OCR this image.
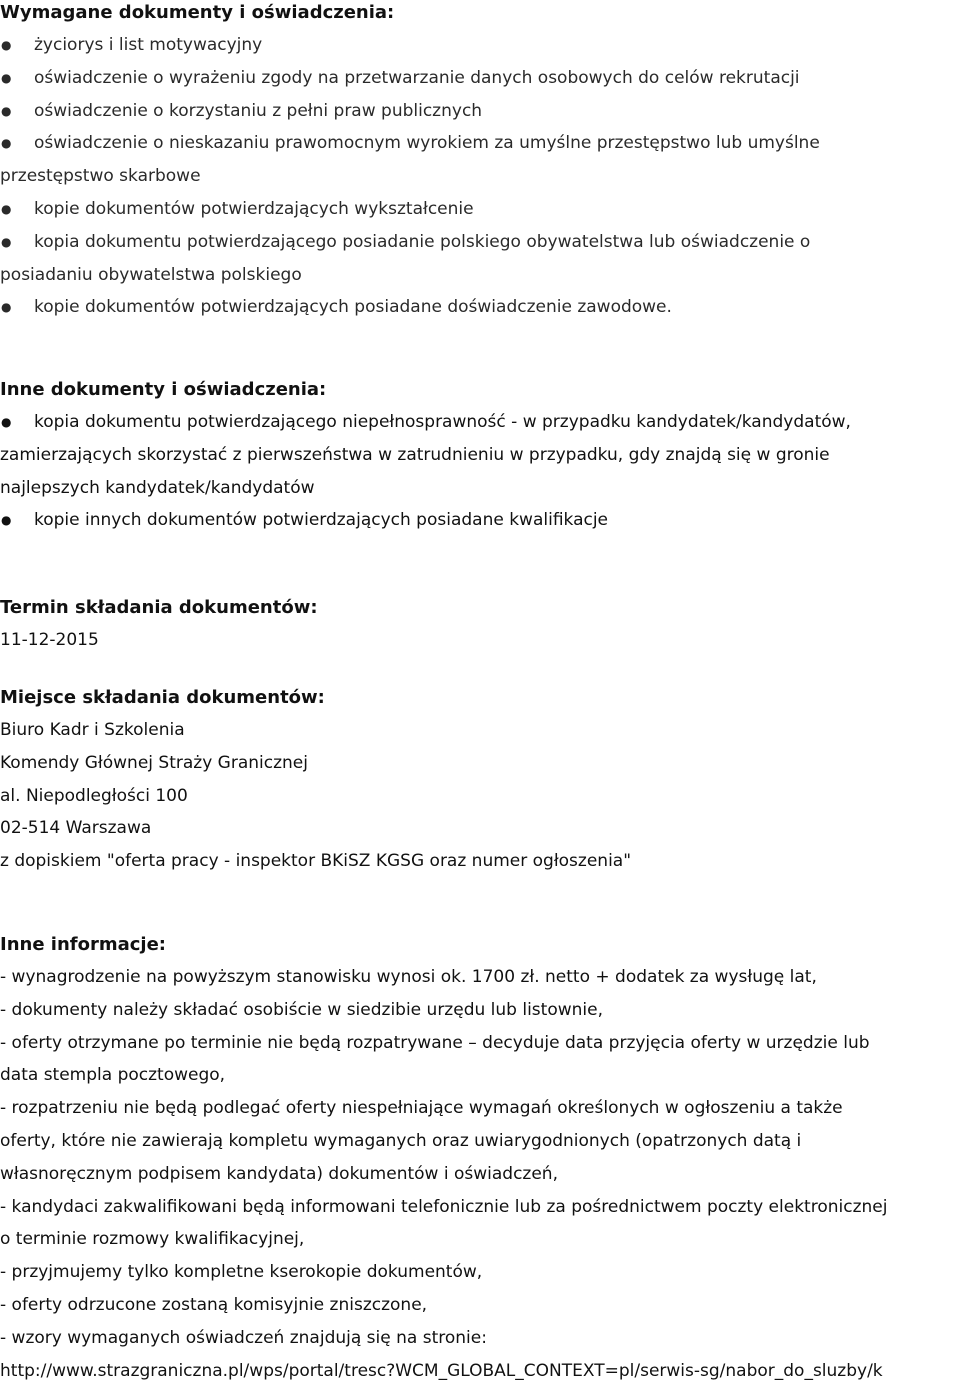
Wymagane dokumenty i oświadczenia:
● życiorys i list motywacyjny
● oświadczenie o wyrażeniu zgody na przetwarzanie danych osobowych do celów rekrutacji
● oświadczenie o korzystaniu z pełni praw publicznych
● oświadczenie o nieskazaniu prawomocnym wyrokiem za umyślne przestępstwo lub umyślne
przestępstwo skarbowe
● kopie dokumentów potwierdzających wykształcenie
● kopia dokumentu potwierdzającego posiadanie polskiego obywatelstwa lub oświadczenie o
posiadaniu obywatelstwa polskiego
● kopie dokumentów potwierdzających posiadane doświadczenie zawodowe.
Inne dokumenty i oświadczenia:
● kopia dokumentu potwierdzającego niepełnosprawność - w przypadku kandydatek/kandydatów,
zamierzających skorzystać z pierwszeństwa w zatrudnieniu w przypadku, gdy znajdą się w gronie
najlepszych kandydatek/kandydatów
● kopie innych dokumentów potwierdzających posiadane kwalifikacje
Termin składania dokumentów:
11-12-2015
Miejsce składania dokumentów:
Biuro Kadr i Szkolenia
Komendy Głównej Straży Granicznej
al. Niepodległości 100
02-514 Warszawa
z dopiskiem "oferta pracy - inspektor BKiSZ KGSG oraz numer ogłoszenia"
Inne informacje:
- wynagrodzenie na powyższym stanowisku wynosi ok. 1700 zł. netto + dodatek za wysługę lat,
- dokumenty należy składać osobiście w siedzibie urzędu lub listownie,
- oferty otrzymane po terminie nie będą rozpatrywane – decyduje data przyjęcia oferty w urzędzie lub
data stempla pocztowego,
- rozpatrzeniu nie będą podlegać oferty niespełniające wymagań określonych w ogłoszeniu a także
oferty, które nie zawierają kompletu wymaganych oraz uwiarygodnionych (opatrzonych datą i
własnoręcznym podpisem kandydata) dokumentów i oświadczeń,
- kandydaci zakwalifikowani będą informowani telefonicznie lub za pośrednictwem poczty elektronicznej
o terminie rozmowy kwalifikacyjnej,
- przyjmujemy tylko kompletne kserokopie dokumentów,
- oferty odrzucone zostaną komisyjnie zniszczone,
- wzory wymaganych oświadczeń znajdują się na stronie:
http://www.strazgraniczna.pl/wps/portal/tresc?WCM_GLOBAL_CONTEXT=pl/serwis-sg/nabor_do_sluzby/k
